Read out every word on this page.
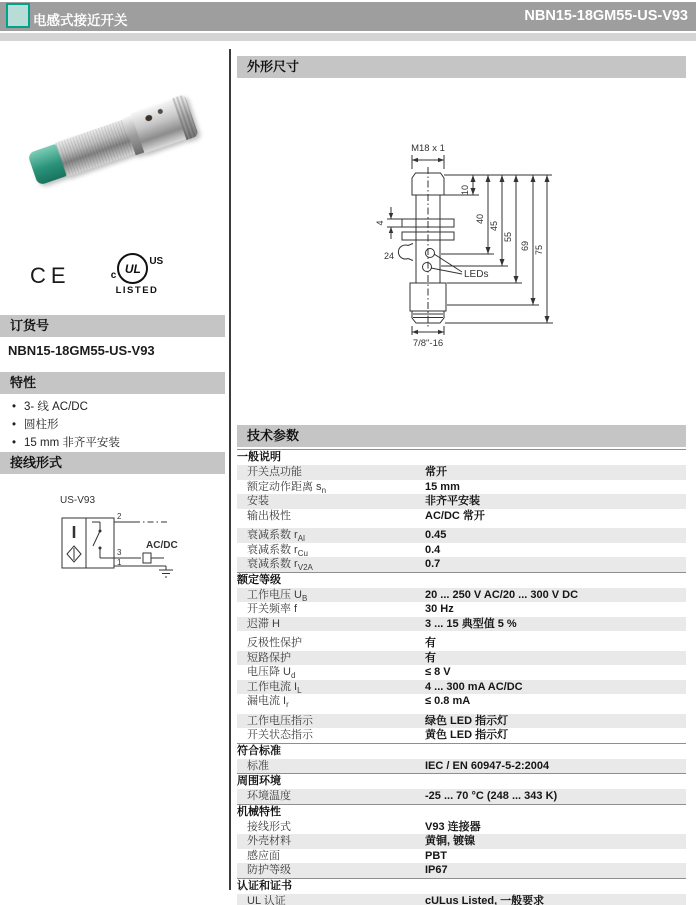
电感式接近开关	NBN15-18GM55-US-V93
CE	c UL US
LISTED
订货号
NBN15-18GM55-US-V93
特性
• 3- 线 AC/DC
• 圆柱形
• 15 mm 非齐平安装
接线形式
US-V93
2
3
1
AC/DC
外形尺寸
M18 x 1
LEDs
4
24
10
40
45
55
69 75
7/8"-16
技术参数
一般说明
开关点功能	常开
额定动作距离 $s_n$	15 mm
安装	非齐平安装
输出极性	AC/DC 常开
衰减系数 $r_{Al}$	0.45
衰减系数 $r_{Cu}$	0.4
衰减系数 $r_{V2A}$	0.7
额定等级
工作电压 $U_B$	20 ... 250 V AC/20 ... 300 V DC
开关频率 f	30 Hz
迟滞 H	3 ... 15 典型值 5 %
反极性保护	有
短路保护	有
电压降 $U_d$	≤ 8 V
工作电流 $I_L$	4 ... 300 mA AC/DC
漏电流 $I_r$	≤ 0.8 mA
工作电压指示	绿色 LED 指示灯
开关状态指示	黄色 LED 指示灯
符合标准
标准	IEC / EN 60947-5-2:2004
周围环境
环境温度	-25 ... 70 °C (248 ... 343 K)
机械特性
接线形式	V93 连接器
外壳材料	黄铜, 镀镍
感应面	PBT
防护等级	IP67
认证和证书
UL 认证	cULus Listed, 一般要求
